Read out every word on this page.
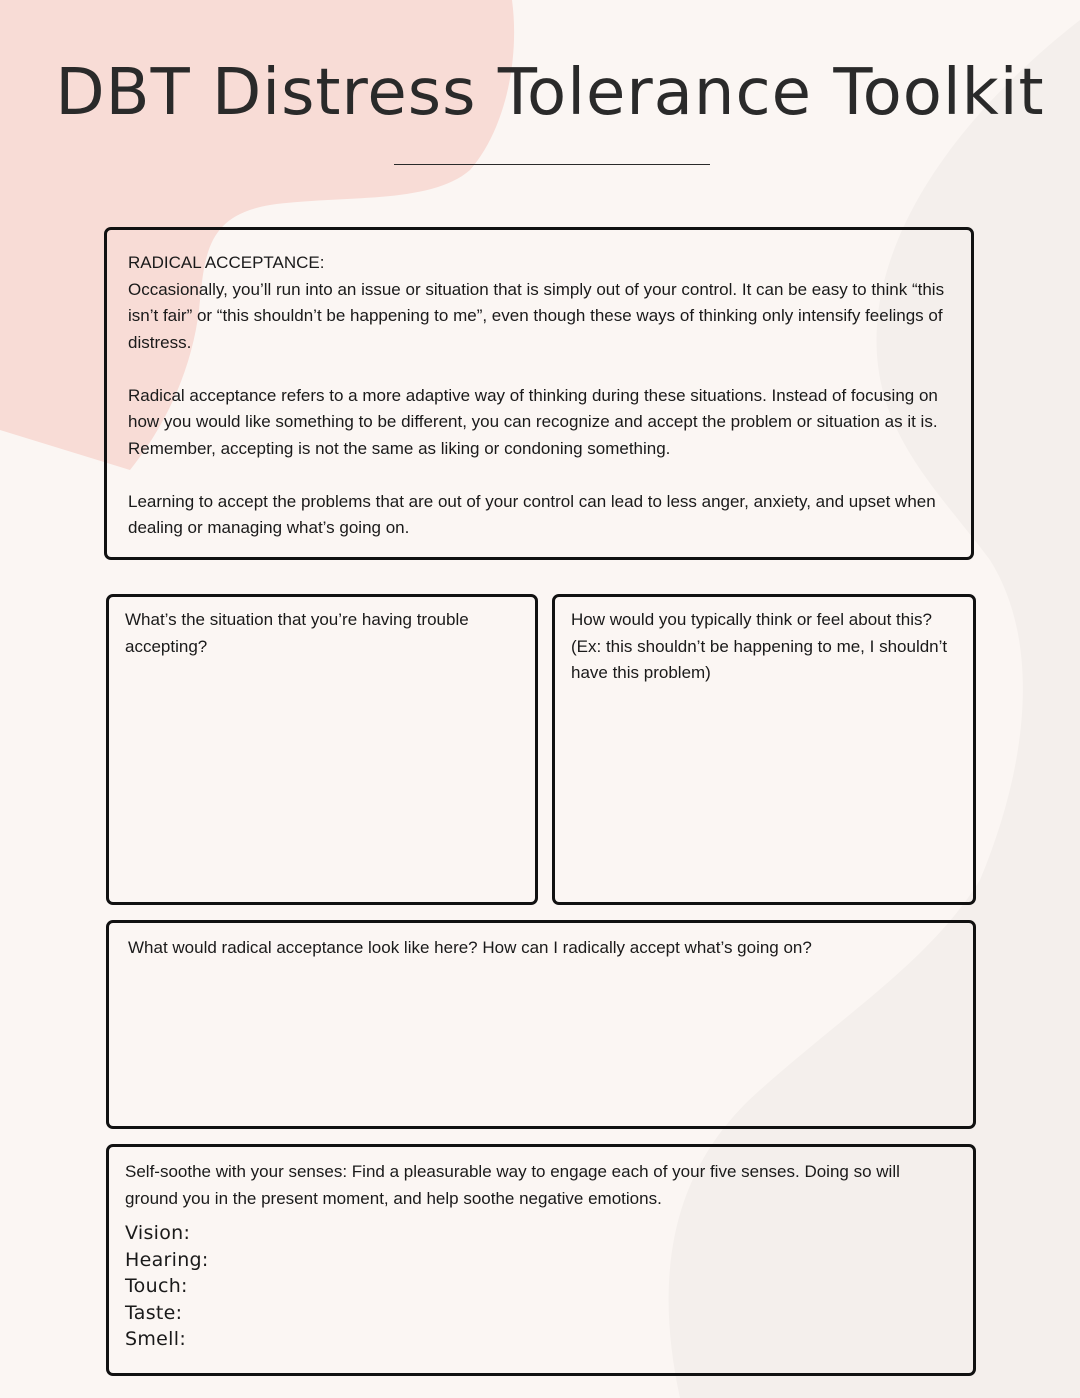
DBT Distress Tolerance Toolkit

RADICAL ACCEPTANCE:

Occasionally, you’ll run into an issue or situation that is simply out of your control. It can be easy to think “this isn’t fair” or “this shouldn’t be happening to me”, even though these ways of thinking only intensify feelings of distress.

Radical acceptance refers to a more adaptive way of thinking during these situations. Instead of focusing on how you would like something to be different, you can recognize and accept the problem or situation as it is. Remember, accepting is not the same as liking or condoning something.

Learning to accept the problems that are out of your control can lead to less anger, anxiety, and upset when dealing or managing what’s going on.

What’s the situation that you’re having trouble accepting?

How would you typically think or feel about this? (Ex: this shouldn’t be happening to me, I shouldn’t have this problem)

What would radical acceptance look like here? How can I radically accept what’s going on?

Self-soothe with your senses: Find a pleasurable way to engage each of your five senses. Doing so will ground you in the present moment, and help soothe negative emotions.

Vision:
Hearing:
Touch:
Taste:
Smell:
